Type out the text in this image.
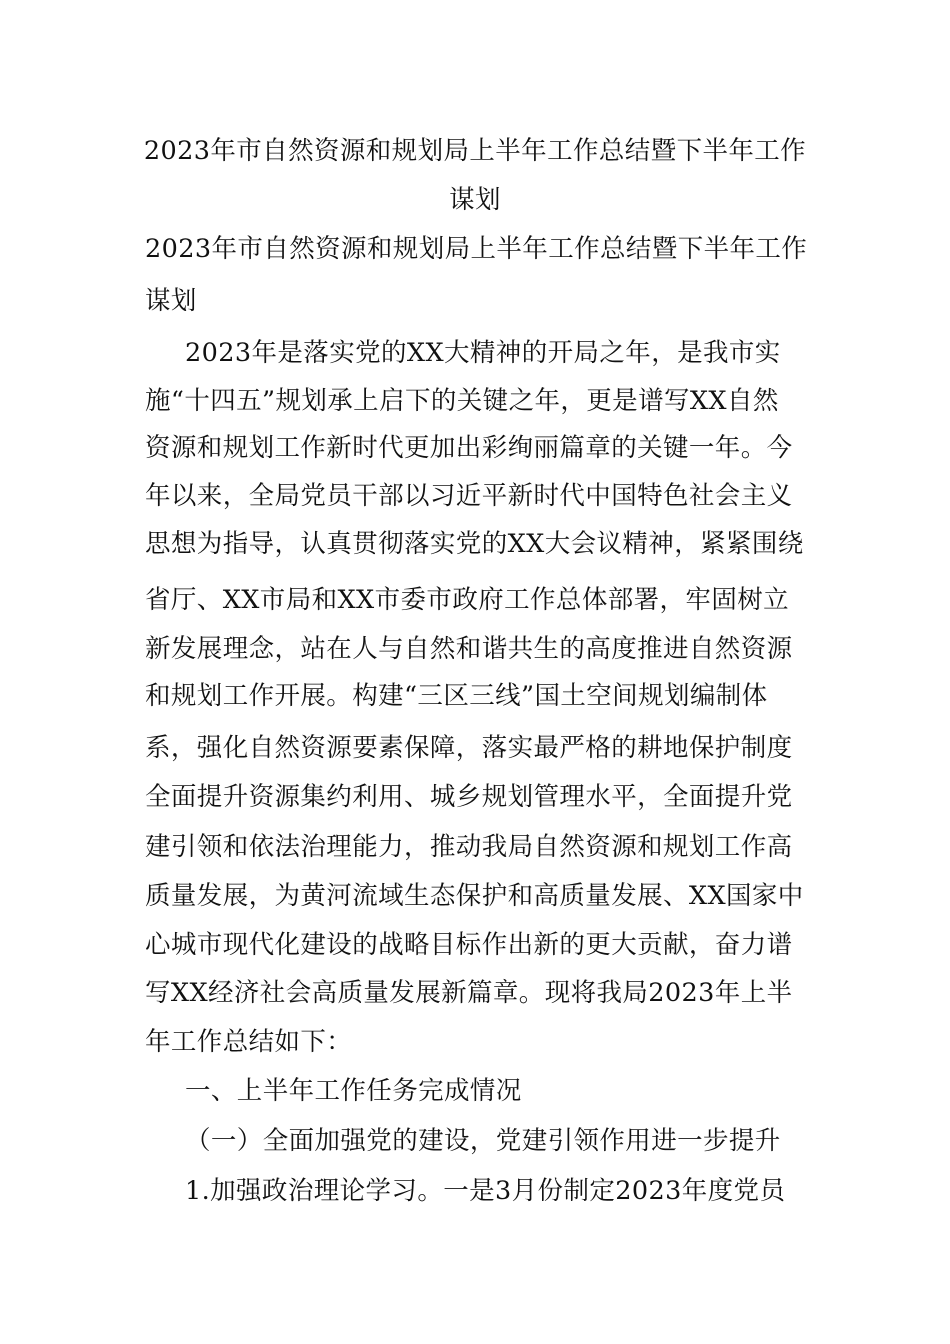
2023年市自然资源和规划局上半年工作总结暨下半年工作
谋划
2023年市自然资源和规划局上半年工作总结暨下半年工作
谋划
2023年是落实党的XX大精神的开局之年，是我市实
施“十四五”规划承上启下的关键之年，更是谱写XX自然
资源和规划工作新时代更加出彩绚丽篇章的关键一年。今
年以来，全局党员干部以习近平新时代中国特色社会主义
思想为指导，认真贯彻落实党的XX大会议精神，紧紧围绕
省厅、XX市局和XX市委市政府工作总体部署，牢固树立
新发展理念，站在人与自然和谐共生的高度推进自然资源
和规划工作开展。构建“三区三线”国土空间规划编制体
系，强化自然资源要素保障，落实最严格的耕地保护制度
全面提升资源集约利用、城乡规划管理水平，全面提升党
建引领和依法治理能力，推动我局自然资源和规划工作高
质量发展，为黄河流域生态保护和高质量发展、XX国家中
心城市现代化建设的战略目标作出新的更大贡献，奋力谱
写XX经济社会高质量发展新篇章。现将我局2023年上半
年工作总结如下：
一、上半年工作任务完成情况
（一）全面加强党的建设，党建引领作用进一步提升
1.加强政治理论学习。一是3月份制定2023年度党员
